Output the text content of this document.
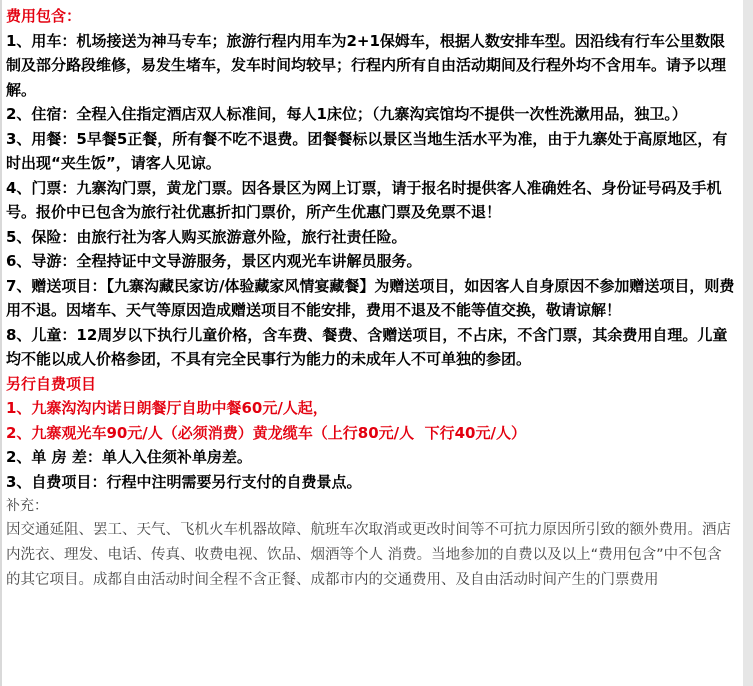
费用包含：
1、用车：机场接送为神马专车；旅游行程内用车为2+1保姆车，根据人数安排车型。因沿线有行车公里数限制及部分路段维修，易发生堵车，发车时间均较早；行程内所有自由活动期间及行程外均不含用车。请予以理解。
2、住宿：全程入住指定酒店双人标准间，每人1床位；（九寨沟宾馆均不提供一次性洗漱用品，独卫。）
3、用餐：5早餐5正餐，所有餐不吃不退费。团餐餐标以景区当地生活水平为准，由于九寨处于高原地区，有时出现“夹生饭”，请客人见谅。
4、门票：九寨沟门票，黄龙门票。因各景区为网上订票，请于报名时提供客人准确姓名、身份证号码及手机号。报价中已包含为旅行社优惠折扣门票价，所产生优惠门票及免票不退！
5、保险：由旅行社为客人购买旅游意外险，旅行社责任险。
6、导游：全程持证中文导游服务，景区内观光车讲解员服务。
7、赠送项目：【九寨沟藏民家访/体验藏家风情宴藏餐】为赠送项目，如因客人自身原因不参加赠送项目，则费用不退。因堵车、天气等原因造成赠送项目不能安排，费用不退及不能等值交换，敬请谅解！
8、儿童：12周岁以下执行儿童价格，含车费、餐费、含赠送项目，不占床，不含门票，其余费用自理。儿童均不能以成人价格参团，不具有完全民事行为能力的未成年人不可单独的参团。
另行自费项目
1、九寨沟沟内诺日朗餐厅自助中餐60元/人起，
2、九寨观光车90元/人（必须消费）黄龙缆车（上行80元/人  下行40元/人）
2、单 房 差：单人入住须补单房差。
3、自费项目：行程中注明需要另行支付的自费景点。
补充：
因交通延阻、罢工、天气、飞机火车机器故障、航班车次取消或更改时间等不可抗力原因所引致的额外费用。酒店内洗衣、理发、电话、传真、收费电视、饮品、烟酒等个人 消费。当地参加的自费以及以上“费用包含”中不包含的其它项目。成都自由活动时间全程不含正餐、成都市内的交通费用、及自由活动时间产生的门票费用
